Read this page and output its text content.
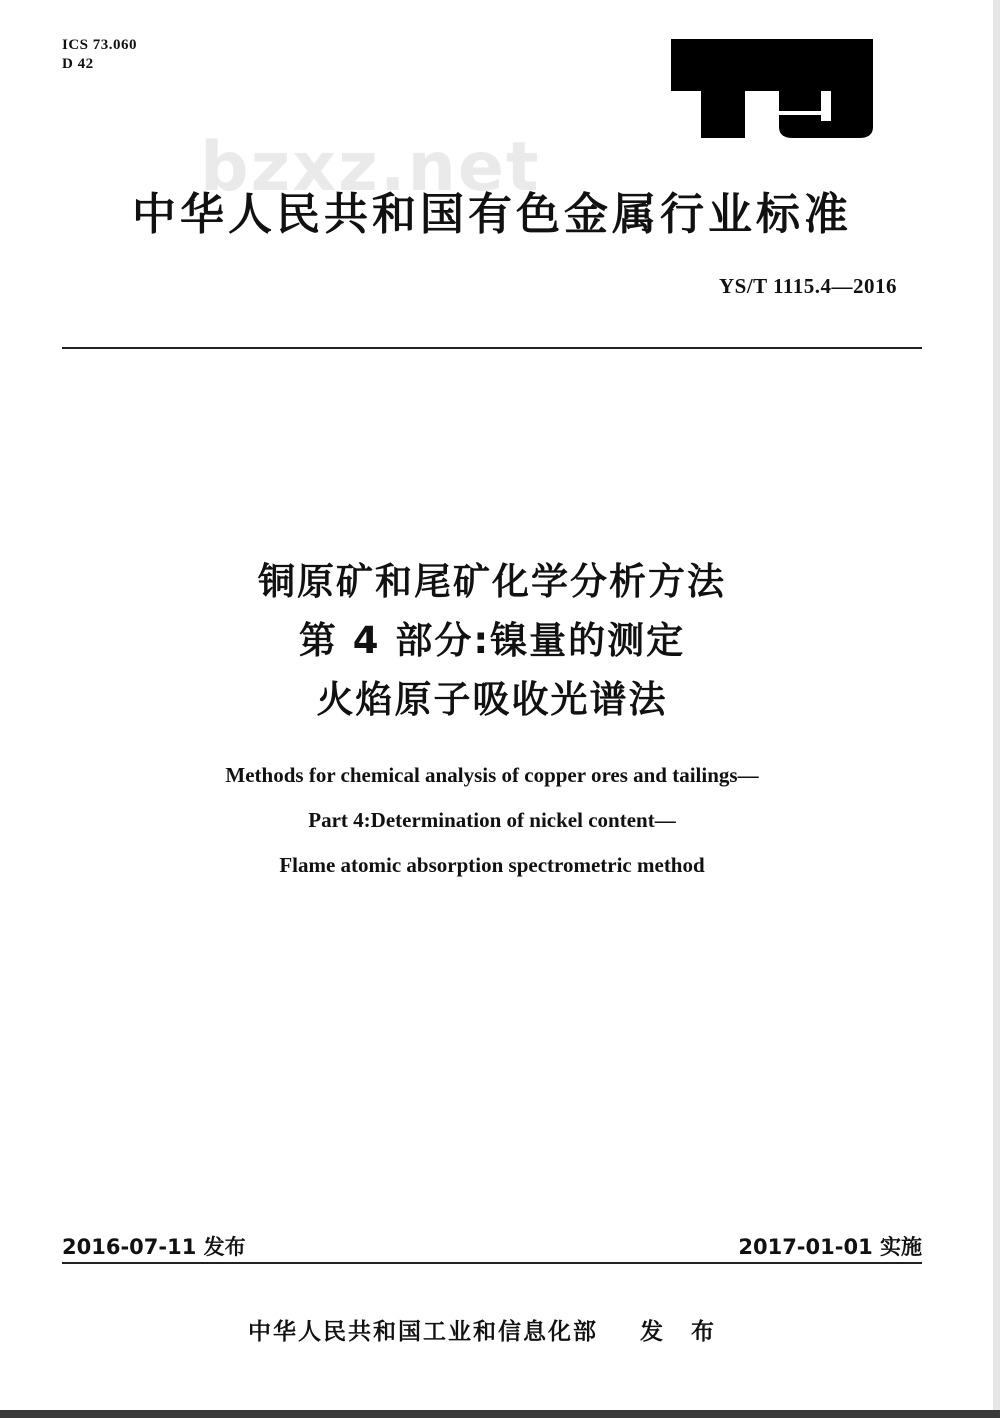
ICS 73.060
D 42
bzxz.net
中华人民共和国有色金属行业标准
YS/T 1115.4—2016
铜原矿和尾矿化学分析方法
第 4 部分:镍量的测定
火焰原子吸收光谱法
Methods for chemical analysis of copper ores and tailings—
Part 4:Determination of nickel content—
Flame atomic absorption spectrometric method
2016-07-11 发布	2017-01-01 实施
中华人民共和国工业和信息化部 发 布
